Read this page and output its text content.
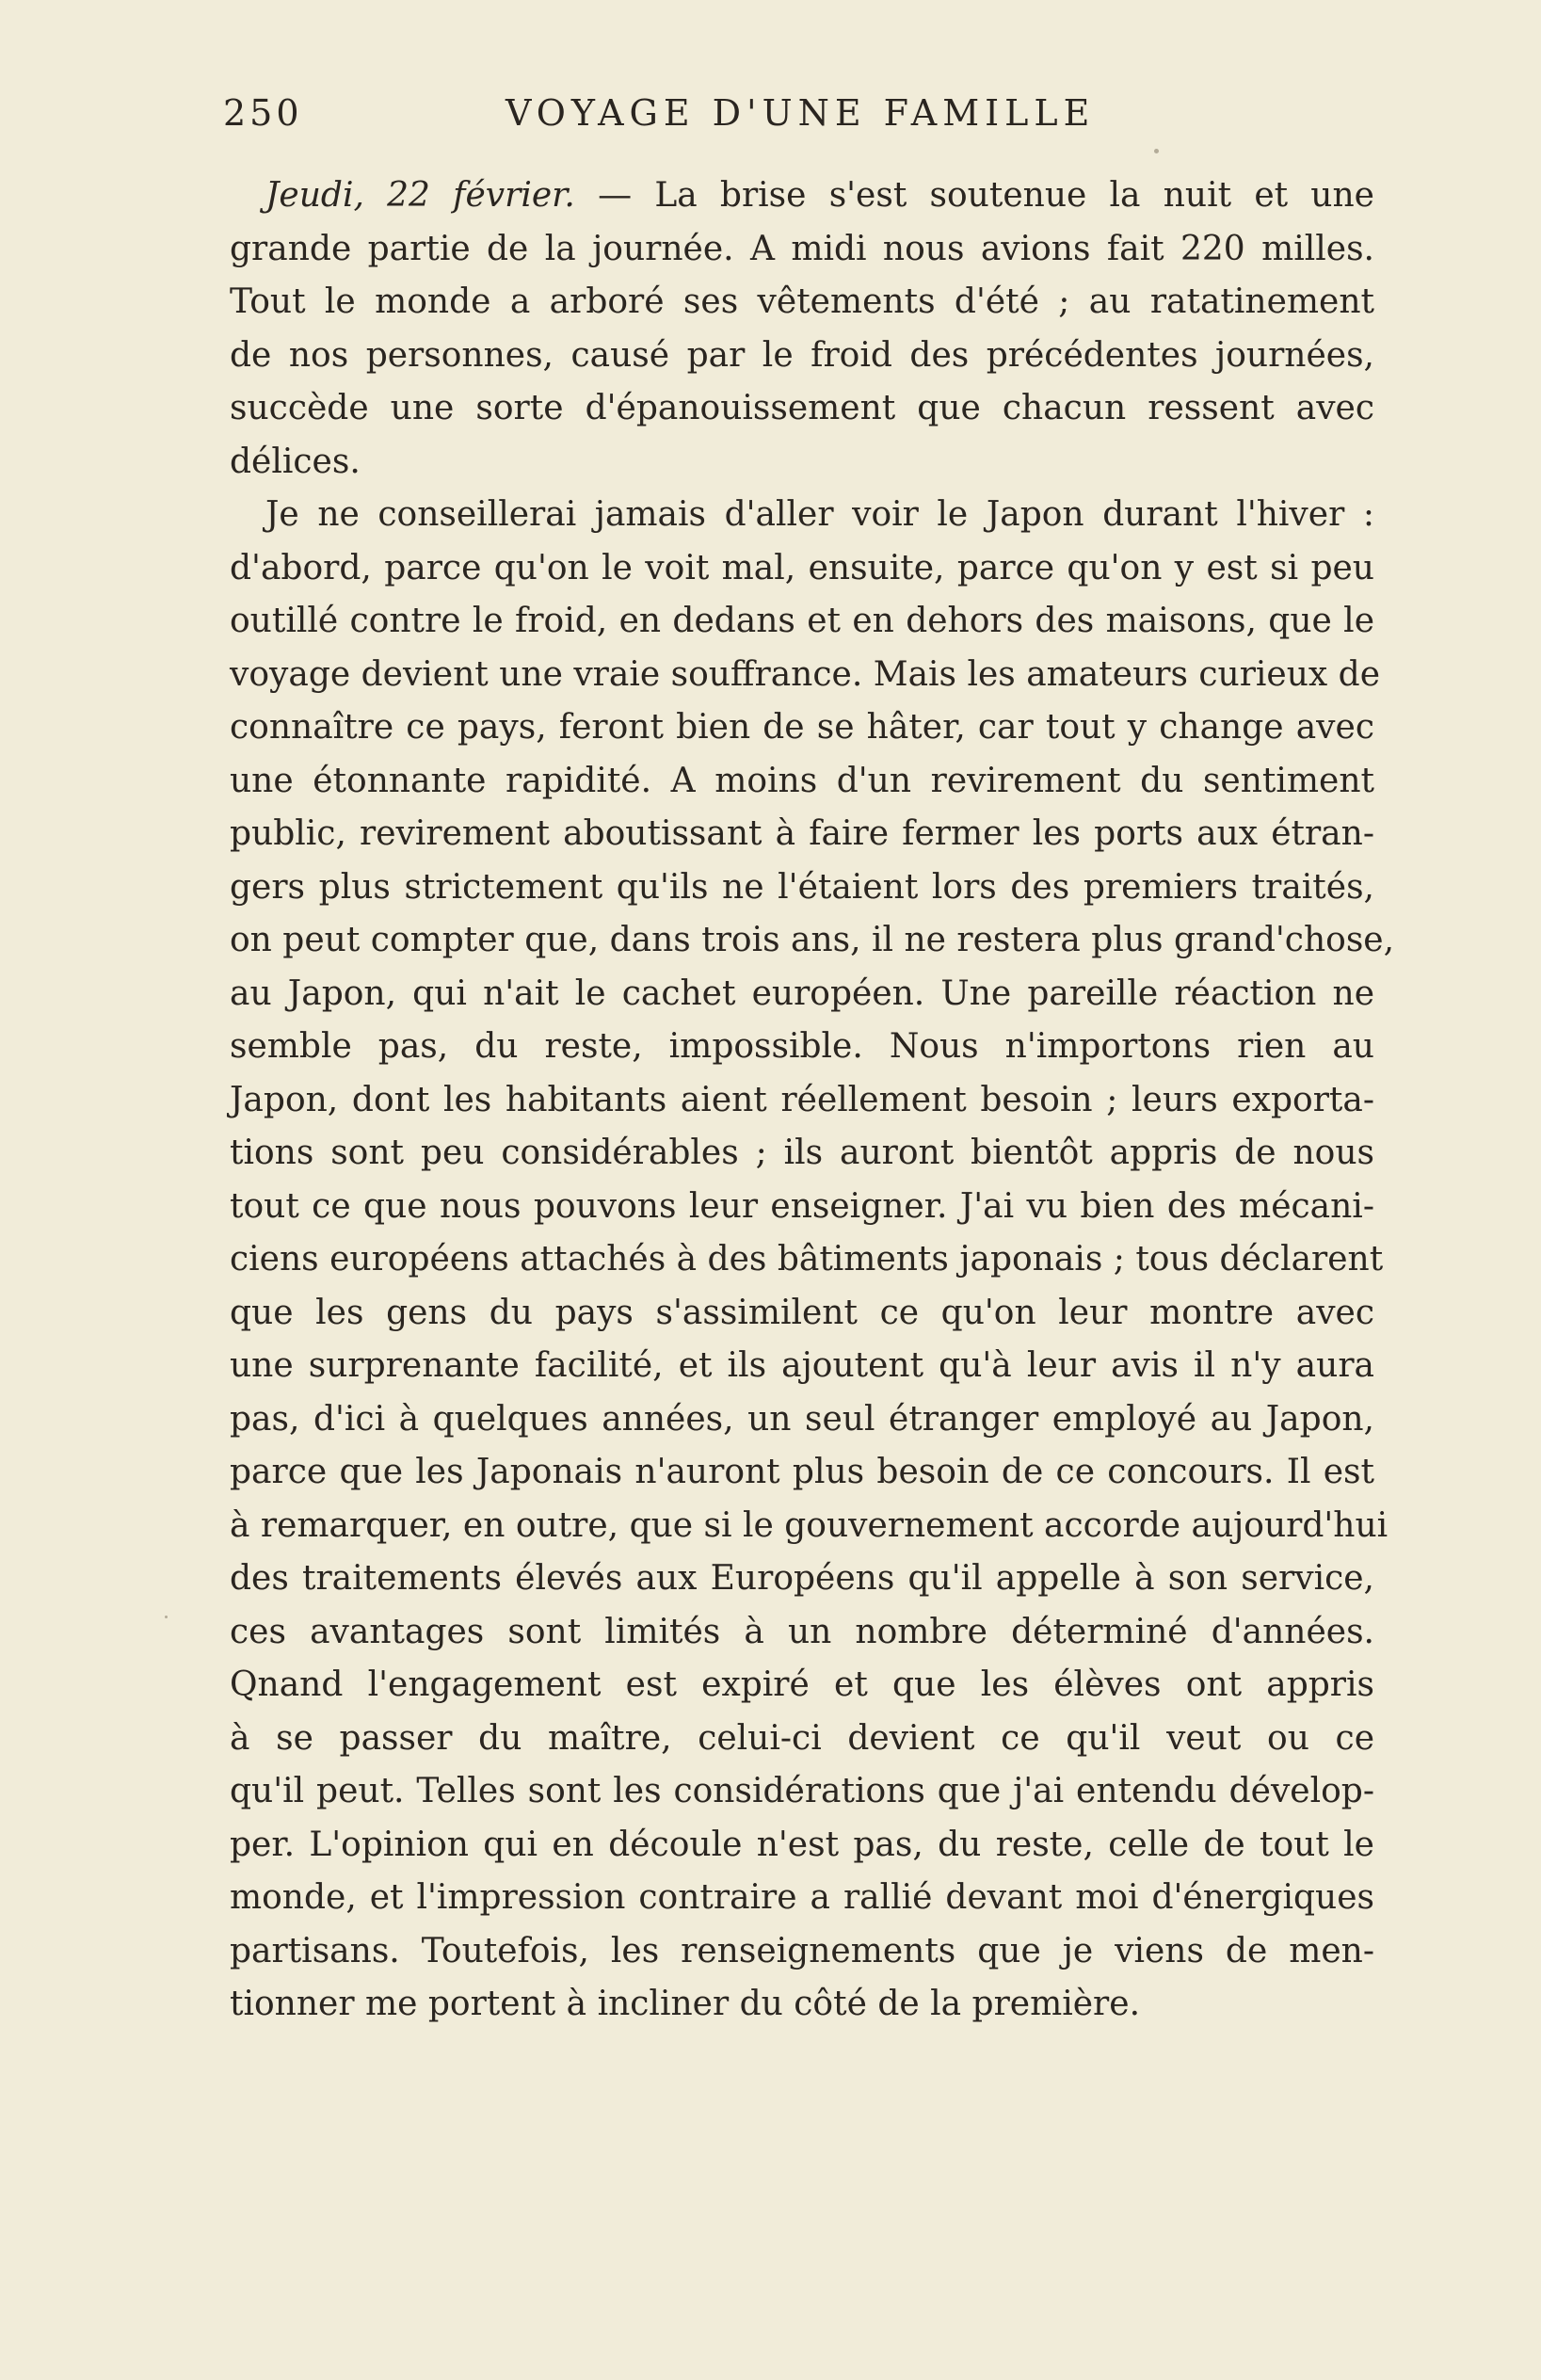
250	VOYAGE D'UNE FAMILLE
Jeudi, 22 février. — La brise s'est soutenue la nuit et une
grande partie de la journée. A midi nous avions fait 220 milles.
Tout le monde a arboré ses vêtements d'été ; au ratatinement
de nos personnes, causé par le froid des précédentes journées,
succède une sorte d'épanouissement que chacun ressent avec
délices.
Je ne conseillerai jamais d'aller voir le Japon durant l'hiver :
d'abord, parce qu'on le voit mal, ensuite, parce qu'on y est si peu
outillé contre le froid, en dedans et en dehors des maisons, que le
voyage devient une vraie souffrance. Mais les amateurs curieux de
connaître ce pays, feront bien de se hâter, car tout y change avec
une étonnante rapidité. A moins d'un revirement du sentiment
public, revirement aboutissant à faire fermer les ports aux étran-
gers plus strictement qu'ils ne l'étaient lors des premiers traités,
on peut compter que, dans trois ans, il ne restera plus grand'chose,
au Japon, qui n'ait le cachet européen. Une pareille réaction ne
semble pas, du reste, impossible. Nous n'importons rien au
Japon, dont les habitants aient réellement besoin ; leurs exporta-
tions sont peu considérables ; ils auront bientôt appris de nous
tout ce que nous pouvons leur enseigner. J'ai vu bien des mécani-
ciens européens attachés à des bâtiments japonais ; tous déclarent
que les gens du pays s'assimilent ce qu'on leur montre avec
une surprenante facilité, et ils ajoutent qu'à leur avis il n'y aura
pas, d'ici à quelques années, un seul étranger employé au Japon,
parce que les Japonais n'auront plus besoin de ce concours. Il est
à remarquer, en outre, que si le gouvernement accorde aujourd'hui
des traitements élevés aux Européens qu'il appelle à son service,
ces avantages sont limités à un nombre déterminé d'années.
Qnand l'engagement est expiré et que les élèves ont appris
à se passer du maître, celui-ci devient ce qu'il veut ou ce
qu'il peut. Telles sont les considérations que j'ai entendu dévelop-
per. L'opinion qui en découle n'est pas, du reste, celle de tout le
monde, et l'impression contraire a rallié devant moi d'énergiques
partisans. Toutefois, les renseignements que je viens de men-
tionner me portent à incliner du côté de la première.
